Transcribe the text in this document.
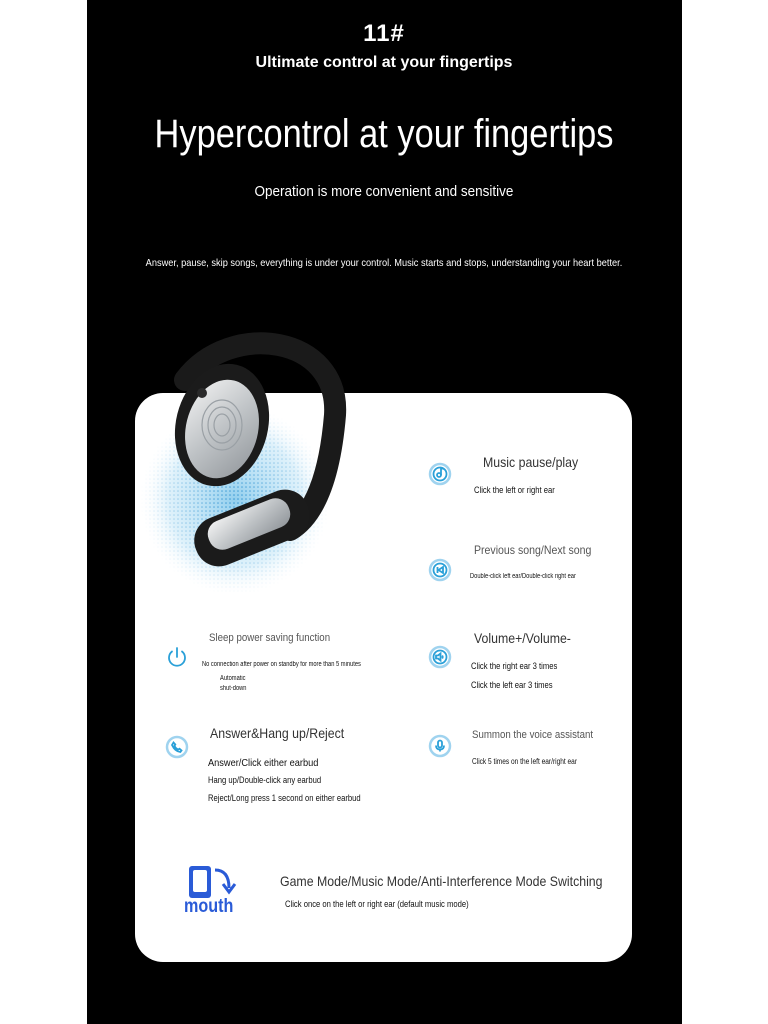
11#
Ultimate control at your fingertips
Hypercontrol at your fingertips
Operation is more convenient and sensitive
Answer, pause, skip songs, everything is under your control. Music starts and stops, understanding your heart better.
Music pause/play
Click the left or right ear
Previous song/Next song
Double-click left ear/Double-click right ear
Sleep power saving function
No connection after power on standby for more than 5 minutes
Automatic
shut-down
Volume+/Volume-
Click the right ear 3 times
Click the left ear 3 times
Answer&Hang up/Reject
Answer/Click either earbud
Hang up/Double-click any earbud
Reject/Long press 1 second on either earbud
Summon the voice assistant
Click 5 times on the left ear/right ear
mouth
Game Mode/Music Mode/Anti-Interference Mode Switching
Click once on the left or right ear (default music mode)
